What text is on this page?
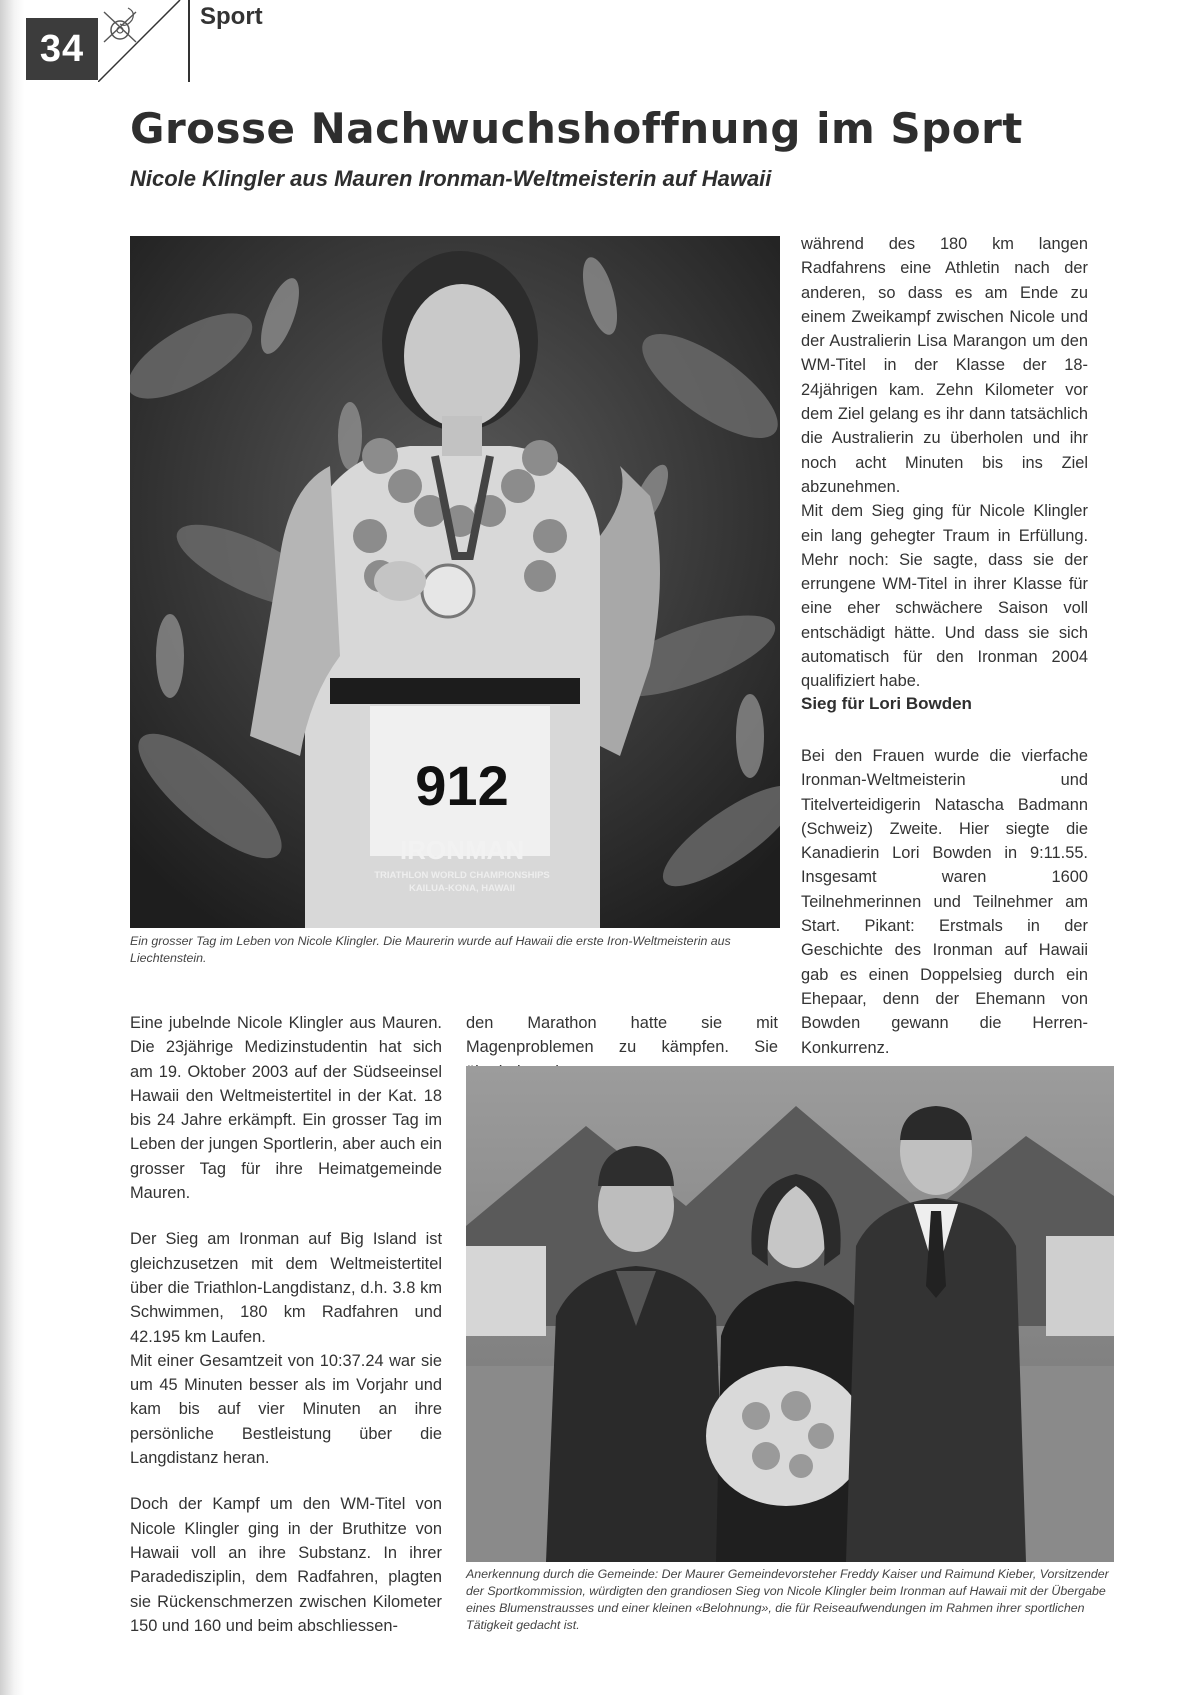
34
Sport
Grosse Nachwuchshoffnung im Sport
Nicole Klingler aus Mauren Ironman-Weltmeisterin auf Hawaii
912
IRONMAN
TRIATHLON WORLD CHAMPIONSHIPS
KAILUA-KONA, HAWAII
Ein grosser Tag im Leben von Nicole Klingler. Die Maurerin wurde auf Hawaii die erste Iron-Weltmeisterin aus Liechtenstein.

während des 180 km langen Radfahrens eine Athletin nach der anderen, so dass es am Ende zu einem Zweikampf zwischen Nicole und der Australierin Lisa Marangon um den WM-Titel in der Klasse der 18-24jährigen kam. Zehn Kilometer vor dem Ziel gelang es ihr dann tatsächlich die Australierin zu überholen und ihr noch acht Minuten bis ins Ziel abzunehmen.

Mit dem Sieg ging für Nicole Klingler ein lang gehegter Traum in Erfüllung. Mehr noch: Sie sagte, dass sie der errungene WM-Titel in ihrer Klasse für eine eher schwächere Saison voll entschädigt hätte. Und dass sie sich automatisch für den Ironman 2004 qualifiziert habe.

Sieg für Lori Bowden

Bei den Frauen wurde die vierfache Ironman-Weltmeisterin und Titelverteidigerin Natascha Badmann (Schweiz) Zweite. Hier siegte die Kanadierin Lori Bowden in 9:11.55. Insgesamt waren 1600 Teilnehmerinnen und Teilnehmer am Start. Pikant: Erstmals in der Geschichte des Ironman auf Hawaii gab es einen Doppelsieg durch ein Ehepaar, denn der Ehemann von Bowden gewann die Herren-Konkurrenz.

Eine jubelnde Nicole Klingler aus Mauren. Die 23jährige Medizinstudentin hat sich am 19. Oktober 2003 auf der Südseeinsel Hawaii den Weltmeistertitel in der Kat. 18 bis 24 Jahre erkämpft. Ein grosser Tag im Leben der jungen Sportlerin, aber auch ein grosser Tag für ihre Heimatgemeinde Mauren.

Der Sieg am Ironman auf Big Island ist gleichzusetzen mit dem Weltmeistertitel über die Triathlon-Langdistanz, d.h. 3.8 km Schwimmen, 180 km Radfahren und 42.195 km Laufen.

Mit einer Gesamtzeit von 10:37.24 war sie um 45 Minuten besser als im Vorjahr und kam bis auf vier Minuten an ihre persönliche Bestleistung über die Langdistanz heran.

Doch der Kampf um den WM-Titel von Nicole Klingler ging in der Bruthitze von Hawaii voll an ihre Substanz. In ihrer Paradedisziplin, dem Radfahren, plagten sie Rückenschmerzen zwischen Kilometer 150 und 160 und beim abschliessen-

den Marathon hatte sie mit Magenproblemen zu kämpfen. Sie

Anerkennung durch die Gemeinde: Der Maurer Gemeindevorsteher Freddy Kaiser und Raimund Kieber, Vorsitzender der Sportkommission, würdigten den grandiosen Sieg von Nicole Klingler beim Ironman auf Hawaii mit der Übergabe eines Blumenstrausses und einer kleinen «Belohnung», die für Reiseaufwendungen im Rahmen ihrer sportlichen Tätigkeit gedacht ist.
